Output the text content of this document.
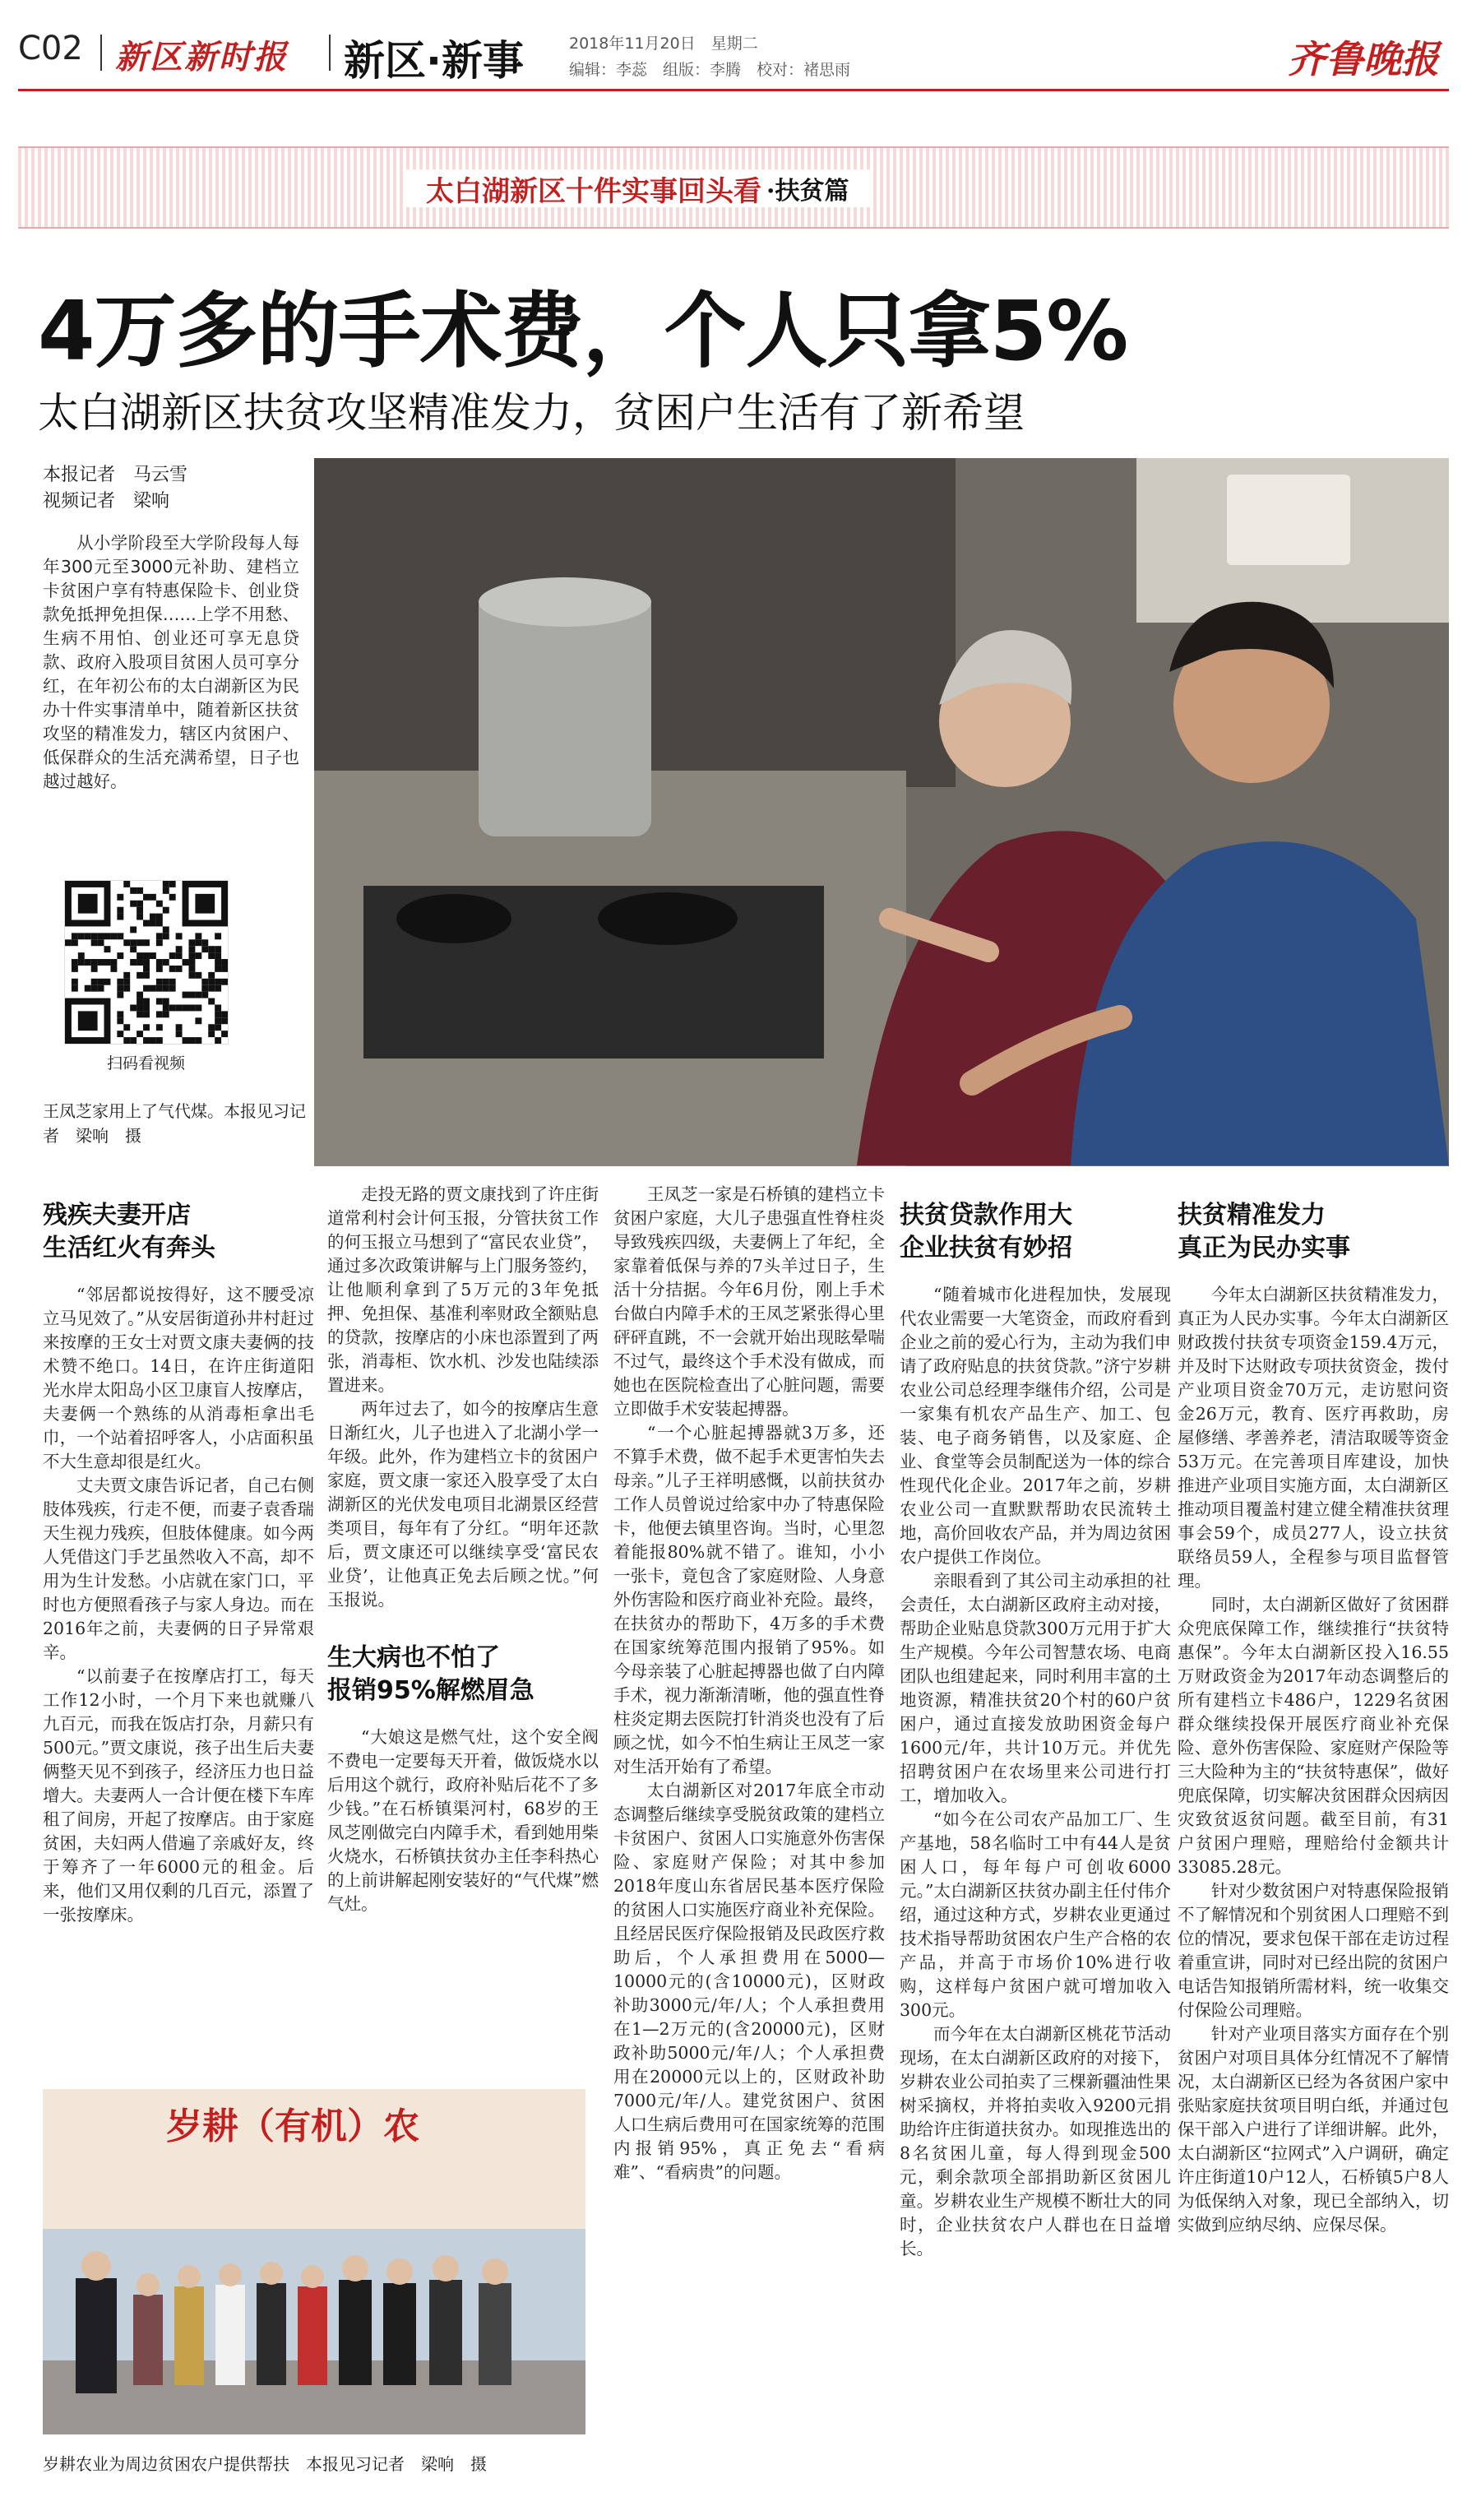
C02 新区新时报 新区·新事	2018年11月20日　星期二
编辑：李蕊　组版：李腾　校对：褚思雨	齐鲁晚报
太白湖新区十件实事回头看 ·扶贫篇
4万多的手术费，个人只拿5%
太白湖新区扶贫攻坚精准发力，贫困户生活有了新希望
本报记者　马云雪
视频记者　梁响

从小学阶段至大学阶段每人每年300元至3000元补助、建档立卡贫困户享有特惠保险卡、创业贷款免抵押免担保……上学不用愁、生病不用怕、创业还可享无息贷款、政府入股项目贫困人员可享分红，在年初公布的太白湖新区为民办十件实事清单中，随着新区扶贫攻坚的精准发力，辖区内贫困户、低保群众的生活充满希望，日子也越过越好。

扫码看视频
王凤芝家用上了气代煤。本报见习记者　梁响　摄
残疾夫妻开店
生活红火有奔头

“邻居都说按得好，这不腰受凉立马见效了。”从安居街道孙井村赶过来按摩的王女士对贾文康夫妻俩的技术赞不绝口。14日，在许庄街道阳光水岸太阳岛小区卫康盲人按摩店，夫妻俩一个熟练的从消毒柜拿出毛巾，一个站着招呼客人，小店面积虽不大生意却很是红火。

丈夫贾文康告诉记者，自己右侧肢体残疾，行走不便，而妻子袁香瑞天生视力残疾，但肢体健康。如今两人凭借这门手艺虽然收入不高，却不用为生计发愁。小店就在家门口，平时也方便照看孩子与家人身边。而在2016年之前，夫妻俩的日子异常艰辛。

“以前妻子在按摩店打工，每天工作12小时，一个月下来也就赚八九百元，而我在饭店打杂，月薪只有500元。”贾文康说，孩子出生后夫妻俩整天见不到孩子，经济压力也日益增大。夫妻两人一合计便在楼下车库租了间房，开起了按摩店。由于家庭贫困，夫妇两人借遍了亲戚好友，终于筹齐了一年6000元的租金。后来，他们又用仅剩的几百元，添置了一张按摩床。

走投无路的贾文康找到了许庄街道常利村会计何玉报，分管扶贫工作的何玉报立马想到了“富民农业贷”，通过多次政策讲解与上门服务签约，让他顺利拿到了5万元的3年免抵押、免担保、基准利率财政全额贴息的贷款，按摩店的小床也添置到了两张，消毒柜、饮水机、沙发也陆续添置进来。

两年过去了，如今的按摩店生意日渐红火，儿子也进入了北湖小学一年级。此外，作为建档立卡的贫困户家庭，贾文康一家还入股享受了太白湖新区的光伏发电项目北湖景区经营类项目，每年有了分红。“明年还款后，贾文康还可以继续享受‘富民农业贷’，让他真正免去后顾之忧。”何玉报说。

生大病也不怕了
报销95%解燃眉急

“大娘这是燃气灶，这个安全阀不费电一定要每天开着，做饭烧水以后用这个就行，政府补贴后花不了多少钱。”在石桥镇渠河村，68岁的王凤芝刚做完白内障手术，看到她用柴火烧水，石桥镇扶贫办主任李科热心的上前讲解起刚安装好的“气代煤”燃气灶。

王凤芝一家是石桥镇的建档立卡贫困户家庭，大儿子患强直性脊柱炎导致残疾四级，夫妻俩上了年纪，全家靠着低保与养的7头羊过日子，生活十分拮据。今年6月份，刚上手术台做白内障手术的王凤芝紧张得心里砰砰直跳，不一会就开始出现眩晕喘不过气，最终这个手术没有做成，而她也在医院检查出了心脏问题，需要立即做手术安装起搏器。

“一个心脏起搏器就3万多，还不算手术费，做不起手术更害怕失去母亲。”儿子王祥明感慨，以前扶贫办工作人员曾说过给家中办了特惠保险卡，他便去镇里咨询。当时，心里忽着能报80%就不错了。谁知，小小一张卡，竟包含了家庭财险、人身意外伤害险和医疗商业补充险。最终，在扶贫办的帮助下，4万多的手术费在国家统筹范围内报销了95%。如今母亲装了心脏起搏器也做了白内障手术，视力渐渐清晰，他的强直性脊柱炎定期去医院打针消炎也没有了后顾之忧，如今不怕生病让王凤芝一家对生活开始有了希望。

太白湖新区对2017年底全市动态调整后继续享受脱贫政策的建档立卡贫困户、贫困人口实施意外伤害保险、家庭财产保险；对其中参加2018年度山东省居民基本医疗保险的贫困人口实施医疗商业补充保险。且经居民医疗保险报销及民政医疗救助后，个人承担费用在5000—10000元的(含10000元)，区财政补助3000元/年/人；个人承担费用在1—2万元的(含20000元)，区财政补助5000元/年/人；个人承担费用在20000元以上的，区财政补助7000元/年/人。建党贫困户、贫困人口生病后费用可在国家统筹的范围内报销95%，真正免去“看病难”、“看病贵”的问题。

扶贫贷款作用大
企业扶贫有妙招

“随着城市化进程加快，发展现代农业需要一大笔资金，而政府看到企业之前的爱心行为，主动为我们申请了政府贴息的扶贫贷款。”济宁岁耕农业公司总经理李继伟介绍，公司是一家集有机农产品生产、加工、包装、电子商务销售，以及家庭、企业、食堂等会员制配送为一体的综合性现代化企业。2017年之前，岁耕农业公司一直默默帮助农民流转土地，高价回收农产品，并为周边贫困农户提供工作岗位。

亲眼看到了其公司主动承担的社会责任，太白湖新区政府主动对接，帮助企业贴息贷款300万元用于扩大生产规模。今年公司智慧农场、电商团队也组建起来，同时利用丰富的土地资源，精准扶贫20个村的60户贫困户，通过直接发放助困资金每户1600元/年，共计10万元。并优先招聘贫困户在农场里来公司进行打工，增加收入。

“如今在公司农产品加工厂、生产基地，58名临时工中有44人是贫困人口，每年每户可创收6000元。”太白湖新区扶贫办副主任付伟介绍，通过这种方式，岁耕农业更通过技术指导帮助贫困农户生产合格的农产品，并高于市场价10%进行收购，这样每户贫困户就可增加收入300元。

而今年在太白湖新区桃花节活动现场，在太白湖新区政府的对接下，岁耕农业公司拍卖了三棵新疆油性果树采摘权，并将拍卖收入9200元捐助给许庄街道扶贫办。如现推选出的8名贫困儿童，每人得到现金500元，剩余款项全部捐助新区贫困儿童。岁耕农业生产规模不断壮大的同时，企业扶贫农户人群也在日益增长。

扶贫精准发力
真正为民办实事

今年太白湖新区扶贫精准发力，真正为人民办实事。今年太白湖新区财政拨付扶贫专项资金159.4万元，并及时下达财政专项扶贫资金，拨付产业项目资金70万元，走访慰问资金26万元，教育、医疗再救助，房屋修缮、孝善养老，清洁取暖等资金53万元。在完善项目库建设，加快推进产业项目实施方面，太白湖新区推动项目覆盖村建立健全精准扶贫理事会59个，成员277人，设立扶贫联络员59人，全程参与项目监督管理。

同时，太白湖新区做好了贫困群众兜底保障工作，继续推行“扶贫特惠保”。今年太白湖新区投入16.55万财政资金为2017年动态调整后的所有建档立卡486户，1229名贫困群众继续投保开展医疗商业补充保险、意外伤害保险、家庭财产保险等三大险种为主的“扶贫特惠保”，做好兜底保障，切实解决贫困群众因病因灾致贫返贫问题。截至目前，有31户贫困户理赔，理赔给付金额共计33085.28元。

针对少数贫困户对特惠保险报销不了解情况和个别贫困人口理赔不到位的情况，要求包保干部在走访过程着重宣讲，同时对已经出院的贫困户电话告知报销所需材料，统一收集交付保险公司理赔。

针对产业项目落实方面存在个别贫困户对项目具体分红情况不了解情况，太白湖新区已经为各贫困户家中张贴家庭扶贫项目明白纸，并通过包保干部入户进行了详细讲解。此外，太白湖新区“拉网式”入户调研，确定许庄街道10户12人，石桥镇5户8人为低保纳入对象，现已全部纳入，切实做到应纳尽纳、应保尽保。

岁耕（有机）农
岁耕农业为周边贫困农户提供帮扶　本报见习记者　梁响　摄
